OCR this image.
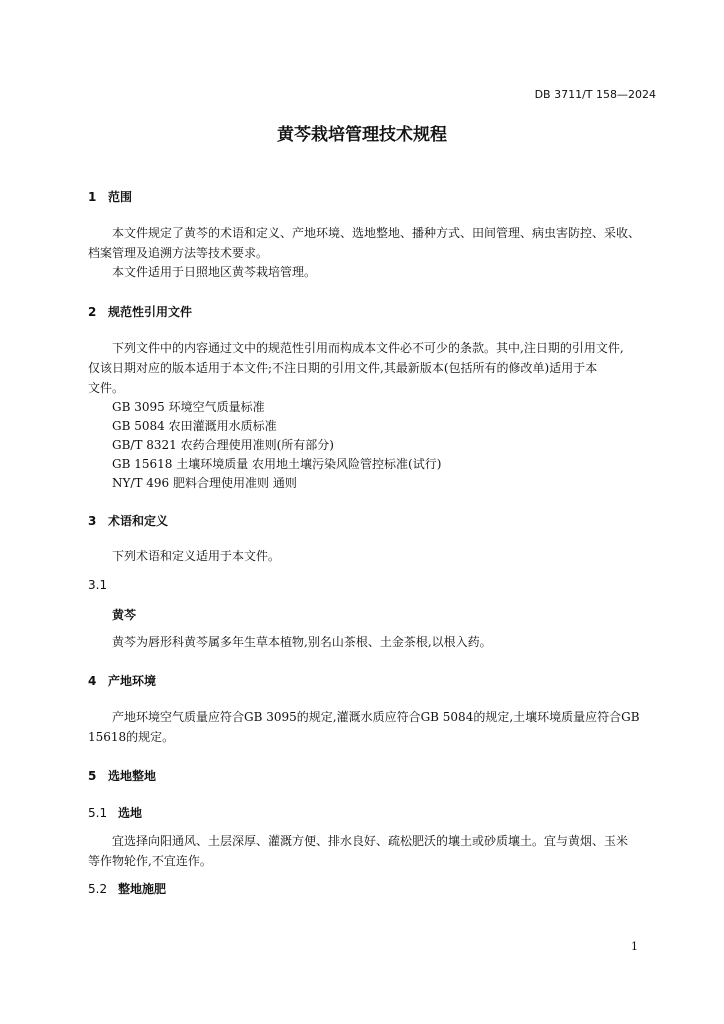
DB 3711/T 158—2024
黄芩栽培管理技术规程
1 范围
本文件规定了黄芩的术语和定义、产地环境、选地整地、播种方式、田间管理、病虫害防控、采收、
档案管理及追溯方法等技术要求。
本文件适用于日照地区黄芩栽培管理。
2 规范性引用文件
下列文件中的内容通过文中的规范性引用而构成本文件必不可少的条款。其中,注日期的引用文件,
仅该日期对应的版本适用于本文件;不注日期的引用文件,其最新版本(包括所有的修改单)适用于本
文件。
GB 3095 环境空气质量标准
GB 5084 农田灌溉用水质标准
GB/T 8321 农药合理使用准则(所有部分)
GB 15618 土壤环境质量 农用地土壤污染风险管控标准(试行)
NY/T 496 肥料合理使用准则 通则
3 术语和定义
下列术语和定义适用于本文件。
3.1
黄芩
黄芩为唇形科黄芩属多年生草本植物,别名山茶根、土金茶根,以根入药。
4 产地环境
产地环境空气质量应符合GB 3095的规定,灌溉水质应符合GB 5084的规定,土壤环境质量应符合GB
15618的规定。
5 选地整地
5.1 选地
宜选择向阳通风、土层深厚、灌溉方便、排水良好、疏松肥沃的壤土或砂质壤土。宜与黄烟、玉米
等作物轮作,不宜连作。
5.2 整地施肥
1
